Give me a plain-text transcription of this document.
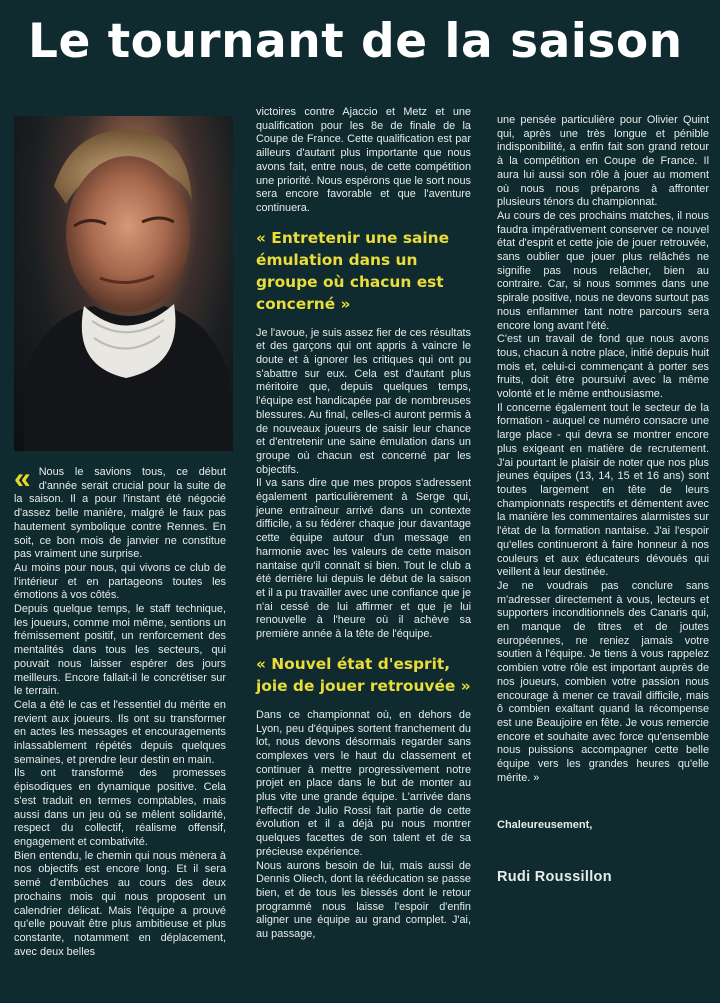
Le tournant de la saison

« Nous le savions tous, ce début d'année serait crucial pour la suite de la saison. Il a pour l'instant été négocié d'assez belle manière, malgré le faux pas hautement symbolique contre Rennes. En soit, ce bon mois de janvier ne constitue pas vraiment une surprise.

Au moins pour nous, qui vivons ce club de l'intérieur et en partageons toutes les émotions à vos côtés.

Depuis quelque temps, le staff technique, les joueurs, comme moi même, sentions un frémissement positif, un renforcement des mentalités dans tous les secteurs, qui pouvait nous laisser espérer des jours meilleurs. Encore fallait-il le concrétiser sur le terrain.

Cela a été le cas et l'essentiel du mérite en revient aux joueurs. Ils ont su transformer en actes les messages et encouragements inlassablement répétés depuis quelques semaines, et prendre leur destin en main.

Ils ont transformé des promesses épisodiques en dynamique positive. Cela s'est traduit en termes comptables, mais aussi dans un jeu où se mêlent solidarité, respect du collectif, réalisme offensif, engagement et combativité.

Bien entendu, le chemin qui nous mènera à nos objectifs est encore long. Et il sera semé d'embûches au cours des deux prochains mois qui nous proposent un calendrier délicat. Mais l'équipe a prouvé qu'elle pouvait être plus ambitieuse et plus constante, notamment en déplacement, avec deux belles

victoires contre Ajaccio et Metz et une qualification pour les 8e de finale de la Coupe de France. Cette qualification est par ailleurs d'autant plus importante que nous avons fait, entre nous, de cette compétition une priorité. Nous espérons que le sort nous sera encore favorable et que l'aventure continuera.

« Entretenir une saine émulation dans un groupe où chacun est concerné »

Je l'avoue, je suis assez fier de ces résultats et des garçons qui ont appris à vaincre le doute et à ignorer les critiques qui ont pu s'abattre sur eux. Cela est d'autant plus méritoire que, depuis quelques temps, l'équipe est handicapée par de nombreuses blessures. Au final, celles-ci auront permis à de nouveaux joueurs de saisir leur chance et d'entretenir une saine émulation dans un groupe où chacun est concerné par les objectifs.

Il va sans dire que mes propos s'adressent également particulièrement à Serge qui, jeune entraîneur arrivé dans un contexte difficile, a su fédérer chaque jour davantage cette équipe autour d'un message en harmonie avec les valeurs de cette maison nantaise qu'il connaît si bien. Tout le club a été derrière lui depuis le début de la saison et il a pu travailler avec une confiance que je n'ai cessé de lui affirmer et que je lui renouvelle à l'heure où il achève sa première année à la tête de l'équipe.

« Nouvel état d'esprit, joie de jouer retrouvée »

Dans ce championnat où, en dehors de Lyon, peu d'équipes sortent franchement du lot, nous devons désormais regarder sans complexes vers le haut du classement et continuer à mettre progressivement notre projet en place dans le but de monter au plus vite une grande équipe. L'arrivée dans l'effectif de Julio Rossi fait partie de cette évolution et il a déjà pu nous montrer quelques facettes de son talent et de sa précieuse expérience.

Nous aurons besoin de lui, mais aussi de Dennis Oliech, dont la rééducation se passe bien, et de tous les blessés dont le retour programmé nous laisse l'espoir d'enfin aligner une équipe au grand complet. J'ai, au passage,

une pensée particulière pour Olivier Quint qui, après une très longue et pénible indisponibilité, a enfin fait son grand retour à la compétition en Coupe de France. Il aura lui aussi son rôle à jouer au moment où nous nous préparons à affronter plusieurs ténors du championnat.

Au cours de ces prochains matches, il nous faudra impérativement conserver ce nouvel état d'esprit et cette joie de jouer retrouvée, sans oublier que jouer plus relâchés ne signifie pas nous relâcher, bien au contraire. Car, si nous sommes dans une spirale positive, nous ne devons surtout pas nous enflammer tant notre parcours sera encore long avant l'été.

C'est un travail de fond que nous avons tous, chacun à notre place, initié depuis huit mois et, celui-ci commençant à porter ses fruits, doit être poursuivi avec la même volonté et le même enthousiasme.

Il concerne également tout le secteur de la formation - auquel ce numéro consacre une large place - qui devra se montrer encore plus exigeant en matière de recrutement. J'ai pourtant le plaisir de noter que nos plus jeunes équipes (13, 14, 15 et 16 ans) sont toutes largement en tête de leurs championnats respectifs et démentent avec la manière les commentaires alarmistes sur l'état de la formation nantaise. J'ai l'espoir qu'elles continueront à faire honneur à nos couleurs et aux éducateurs dévoués qui veillent à leur destinée.

Je ne voudrais pas conclure sans m'adresser directement à vous, lecteurs et supporters inconditionnels des Canaris qui, en manque de titres et de joutes européennes, ne reniez jamais votre soutien à l'équipe. Je tiens à vous rappelez combien votre rôle est important auprès de nos joueurs, combien votre passion nous encourage à mener ce travail difficile, mais ô combien exaltant quand la récompense est une Beaujoire en fête. Je vous remercie encore et souhaite avec force qu'ensemble nous puissions accompagner cette belle équipe vers les grandes heures qu'elle mérite. »

Chaleureusement,
Rudi Roussillon
